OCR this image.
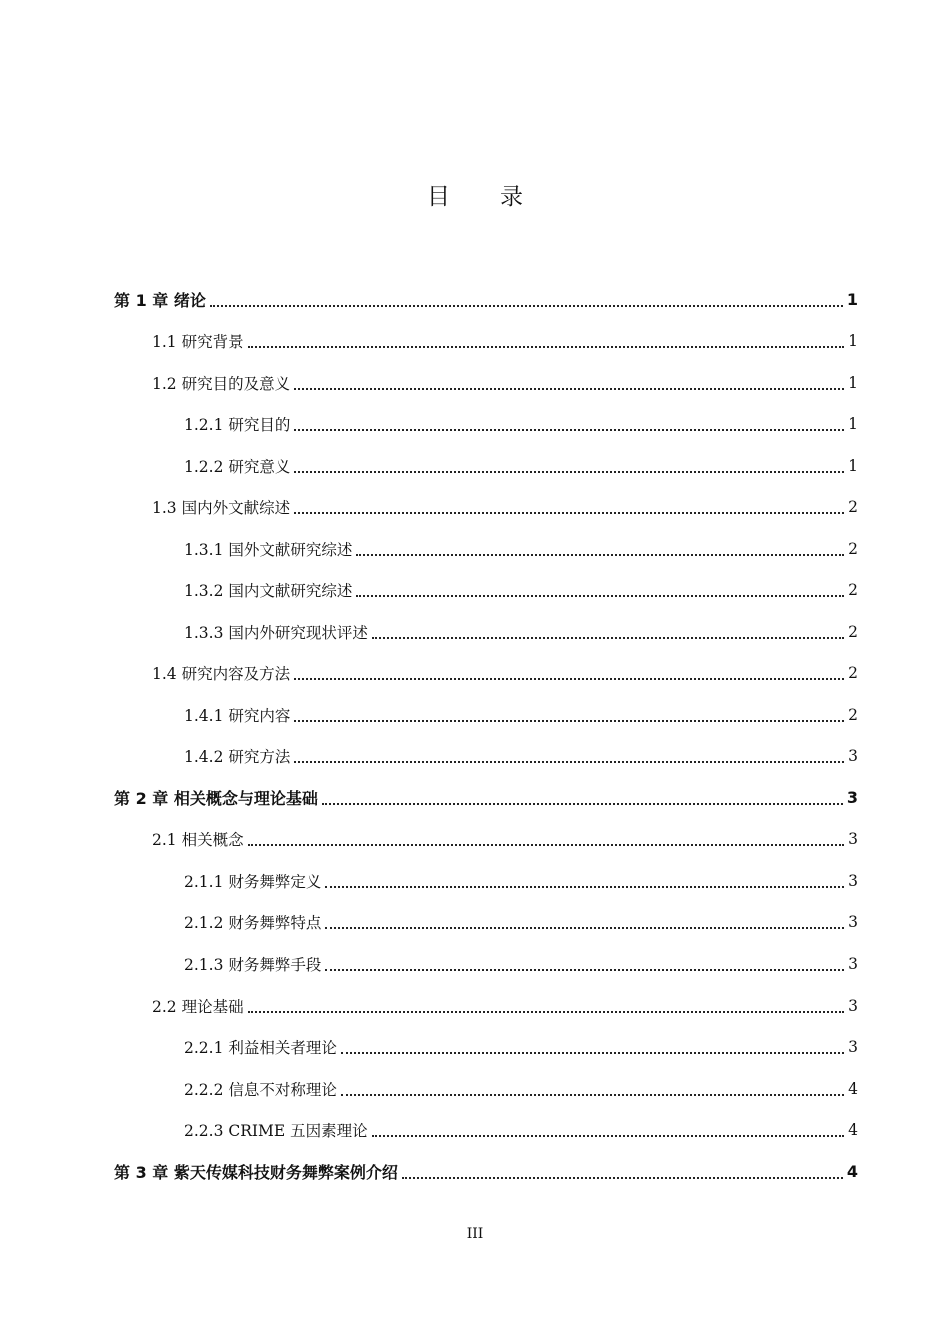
目录
第 1 章 绪论	1
1.1 研究背景	1
1.2 研究目的及意义	1
1.2.1 研究目的	1
1.2.2 研究意义	1
1.3 国内外文献综述	2
1.3.1 国外文献研究综述	2
1.3.2 国内文献研究综述	2
1.3.3 国内外研究现状评述	2
1.4 研究内容及方法	2
1.4.1 研究内容	2
1.4.2 研究方法	3
第 2 章 相关概念与理论基础	3
2.1 相关概念	3
2.1.1 财务舞弊定义	3
2.1.2 财务舞弊特点	3
2.1.3 财务舞弊手段	3
2.2 理论基础	3
2.2.1 利益相关者理论	3
2.2.2 信息不对称理论	4
2.2.3 CRIME 五因素理论	4
第 3 章 紫天传媒科技财务舞弊案例介绍	4
III
